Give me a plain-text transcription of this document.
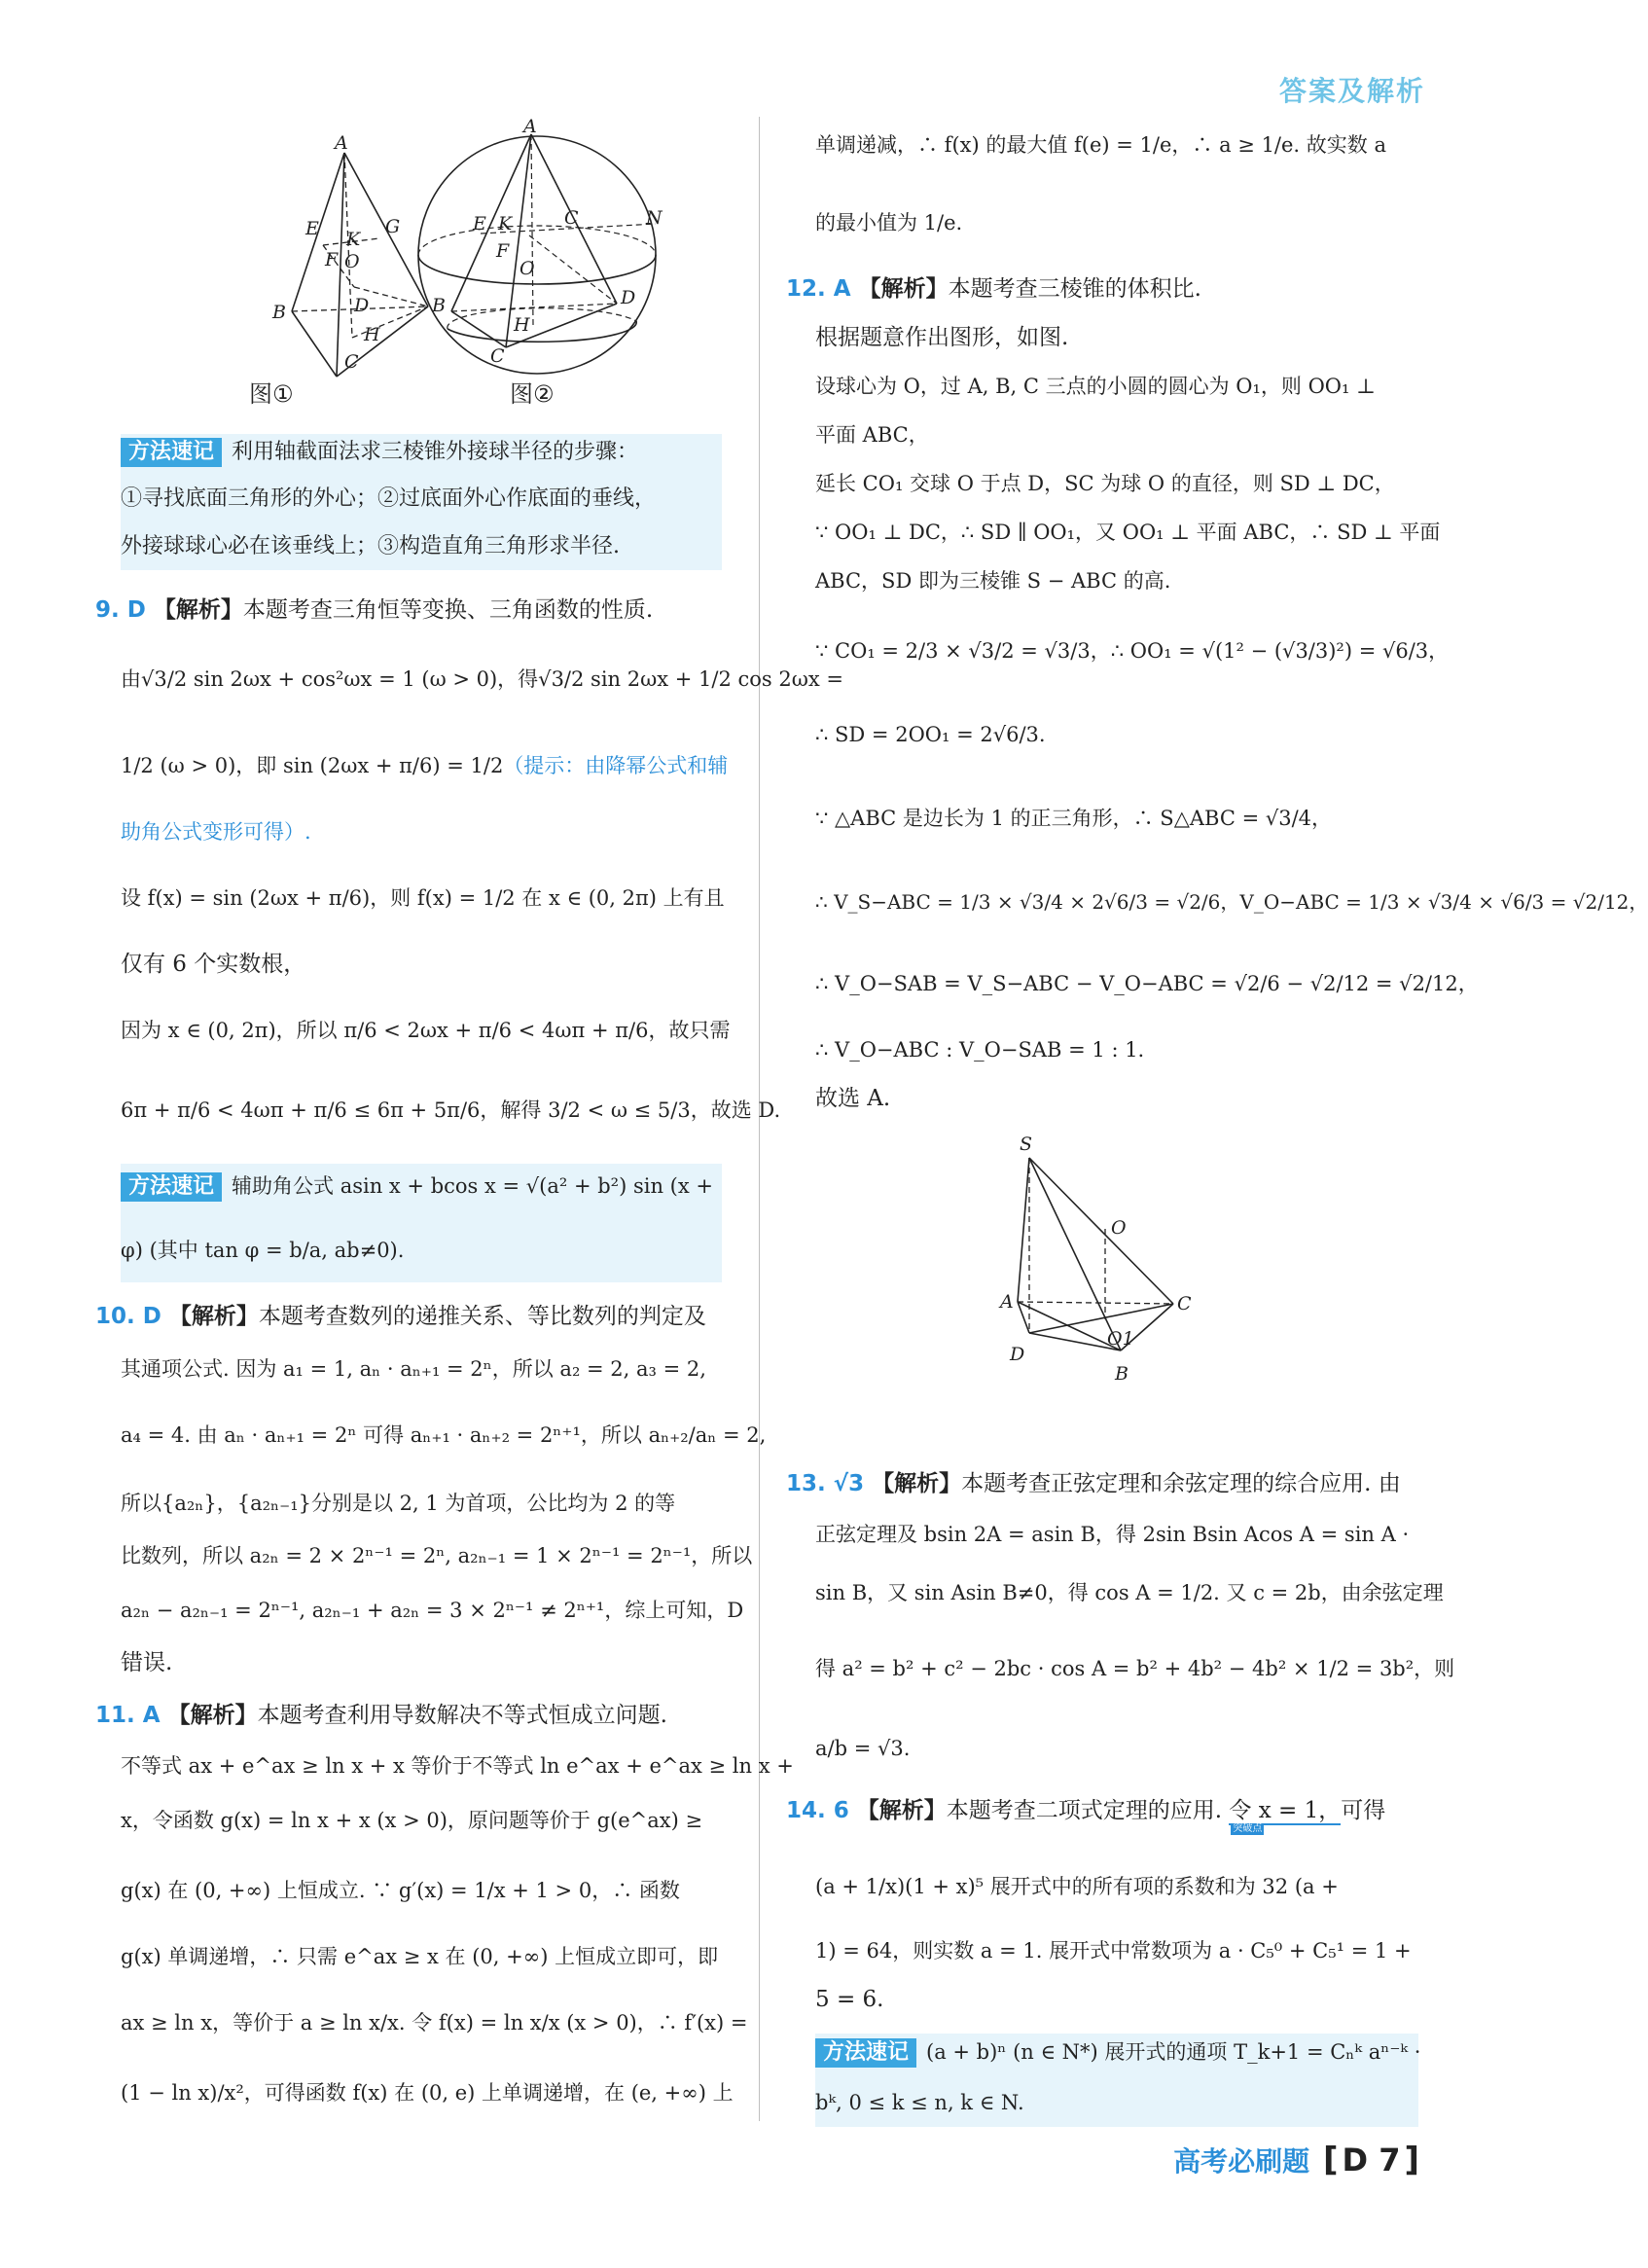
答案及解析
A
E	G
K
F O
B	D
H
C
图①
A
E K	C	N
F
O
B	D
H
C
图②
方法速记 利用轴截面法求三棱锥外接球半径的步骤：
①寻找底面三角形的外心；②过底面外心作底面的垂线，
外接球球心必在该垂线上；③构造直角三角形求半径.
9. D 【解析】本题考查三角恒等变换、三角函数的性质.
由√3/2 sin 2ωx + cos²ωx = 1 (ω > 0)，得√3/2 sin 2ωx + 1/2 cos 2ωx =
1/2 (ω > 0)，即 sin (2ωx + π/6) = 1/2（提示：由降幂公式和辅
助角公式变形可得）.
设 f(x) = sin (2ωx + π/6)，则 f(x) = 1/2 在 x ∈ (0, 2π) 上有且
仅有 6 个实数根，
因为 x ∈ (0, 2π)，所以 π/6 < 2ωx + π/6 < 4ωπ + π/6，故只需
6π + π/6 < 4ωπ + π/6 ≤ 6π + 5π/6，解得 3/2 < ω ≤ 5/3，故选 D.
方法速记 辅助角公式 asin x + bcos x = √(a² + b²) sin (x +
φ) (其中 tan φ = b/a, ab≠0).
10. D 【解析】本题考查数列的递推关系、等比数列的判定及
其通项公式. 因为 a₁ = 1, aₙ · aₙ₊₁ = 2ⁿ，所以 a₂ = 2, a₃ = 2,
a₄ = 4. 由 aₙ · aₙ₊₁ = 2ⁿ 可得 aₙ₊₁ · aₙ₊₂ = 2ⁿ⁺¹，所以 aₙ₊₂/aₙ = 2,
所以{a₂ₙ}，{a₂ₙ₋₁}分别是以 2, 1 为首项，公比均为 2 的等
比数列，所以 a₂ₙ = 2 × 2ⁿ⁻¹ = 2ⁿ, a₂ₙ₋₁ = 1 × 2ⁿ⁻¹ = 2ⁿ⁻¹，所以
a₂ₙ − a₂ₙ₋₁ = 2ⁿ⁻¹, a₂ₙ₋₁ + a₂ₙ = 3 × 2ⁿ⁻¹ ≠ 2ⁿ⁺¹，综上可知，D
错误.
11. A 【解析】本题考查利用导数解决不等式恒成立问题.
不等式 ax + e^ax ≥ ln x + x 等价于不等式 ln e^ax + e^ax ≥ ln x +
x，令函数 g(x) = ln x + x (x > 0)，原问题等价于 g(e^ax) ≥
g(x) 在 (0, +∞) 上恒成立. ∵ g′(x) = 1/x + 1 > 0，∴ 函数
g(x) 单调递增，∴ 只需 e^ax ≥ x 在 (0, +∞) 上恒成立即可，即
ax ≥ ln x，等价于 a ≥ ln x/x. 令 f(x) = ln x/x (x > 0)，∴ f′(x) =
(1 − ln x)/x²，可得函数 f(x) 在 (0, e) 上单调递增，在 (e, +∞) 上
单调递减，∴ f(x) 的最大值 f(e) = 1/e，∴ a ≥ 1/e. 故实数 a
的最小值为 1/e.
12. A 【解析】本题考查三棱锥的体积比.
根据题意作出图形，如图.
设球心为 O，过 A, B, C 三点的小圆的圆心为 O₁，则 OO₁ ⊥
平面 ABC，
延长 CO₁ 交球 O 于点 D，SC 为球 O 的直径，则 SD ⊥ DC，
∵ OO₁ ⊥ DC，∴ SD ∥ OO₁，又 OO₁ ⊥ 平面 ABC，∴ SD ⊥ 平面
ABC，SD 即为三棱锥 S − ABC 的高.
∵ CO₁ = 2/3 × √3/2 = √3/3，∴ OO₁ = √(1² − (√3/3)²) = √6/3，
∴ SD = 2OO₁ = 2√6/3.
∵ △ABC 是边长为 1 的正三角形，∴ S△ABC = √3/4，
∴ V_S−ABC = 1/3 × √3/4 × 2√6/3 = √2/6，V_O−ABC = 1/3 × √3/4 × √6/3 = √2/12，
∴ V_O−SAB = V_S−ABC − V_O−ABC = √2/6 − √2/12 = √2/12，
∴ V_O−ABC : V_O−SAB = 1 : 1.
故选 A.
S
O
A	C
O1
D
B
13. √3 【解析】本题考查正弦定理和余弦定理的综合应用. 由
正弦定理及 bsin 2A = asin B，得 2sin Bsin Acos A = sin A ·
sin B，又 sin Asin B≠0，得 cos A = 1/2. 又 c = 2b，由余弦定理
得 a² = b² + c² − 2bc · cos A = b² + 4b² − 4b² × 1/2 = 3b²，则
a/b = √3.
14. 6 【解析】本题考查二项式定理的应用. 令 x = 1，
突破点
可得
(a + 1/x)(1 + x)⁵ 展开式中的所有项的系数和为 32 (a +
1) = 64，则实数 a = 1. 展开式中常数项为 a · C₅⁰ + C₅¹ = 1 +
5 = 6.
方法速记 (a + b)ⁿ (n ∈ N*) 展开式的通项 T_k+1 = Cₙᵏ aⁿ⁻ᵏ ·
bᵏ, 0 ≤ k ≤ n, k ∈ N.
高考必刷题 [ D 7 ]
